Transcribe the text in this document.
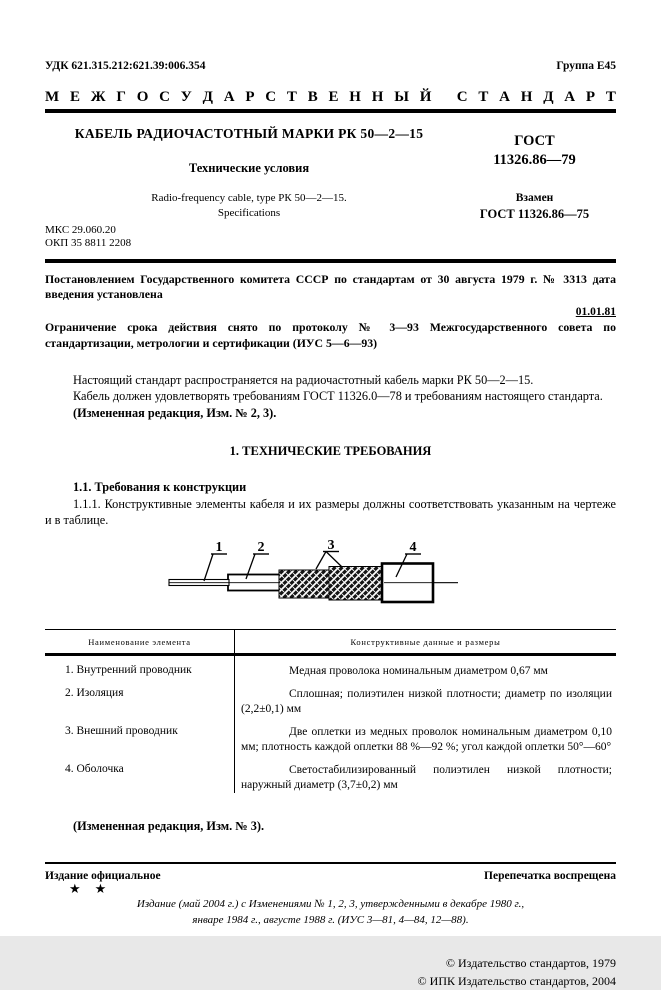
УДК 621.315.212:621.39:006.354	Группа Е45
М Е Ж Г О С У Д А Р С Т В Е Н Н Ы Й
С Т А Н Д А Р Т
КАБЕЛЬ РАДИОЧАСТОТНЫЙ МАРКИ РК 50—2—15
Технические условия
Radio-frequency cable, type РК 50—2—15.
Specifications
ГОСТ
11326.86—79
Взамен
ГОСТ 11326.86—75
МКС 29.060.20
ОКП 35 8811 2208

Постановлением Государственного комитета СССР по стандартам от 30 августа 1979 г. № 3313 дата введения установлена

01.01.81

Ограничение срока действия снято по протоколу № 3—93 Межгосударственного совета по стандартизации, метрологии и сертификации (ИУС 5—6—93)

Настоящий стандарт распространяется на радиочастотный кабель марки РК 50—2—15.

Кабель должен удовлетворять требованиям ГОСТ 11326.0—78 и требованиям настоящего стандарта.

(Измененная редакция, Изм. № 2, 3).

1. ТЕХНИЧЕСКИЕ ТРЕБОВАНИЯ
1.1. Требования к конструкции

1.1.1. Конструктивные элементы кабеля и их размеры должны соответствовать указанным на чертеже и в таблице.

1	2	3	4
Наименование элемента	Конструктивные данные и размеры
1. Внутренний проводник	Медная проволока номинальным диаметром 0,67 мм
2. Изоляция	Сплошная; полиэтилен низкой плотности; диаметр по изоляции (2,2±0,1) мм
3. Внешний проводник	Две оплетки из медных проволок номинальным диаметром 0,10 мм; плотность каждой оплетки 88 %—92 %; угол каждой оплетки 50°—60°
4. Оболочка	Светостабилизированный полиэтилен низкой плотности; наружный диаметр (3,7±0,2) мм
(Измененная редакция, Изм. № 3).
Издание официальное	Перепечатка воспрещена
★★
Издание (май 2004 г.) с Изменениями № 1, 2, 3, утвержденными в декабре 1980 г.,
январе 1984 г., августе 1988 г. (ИУС 3—81, 4—84, 12—88).
© Издательство стандартов, 1979
© ИПК Издательство стандартов, 2004
